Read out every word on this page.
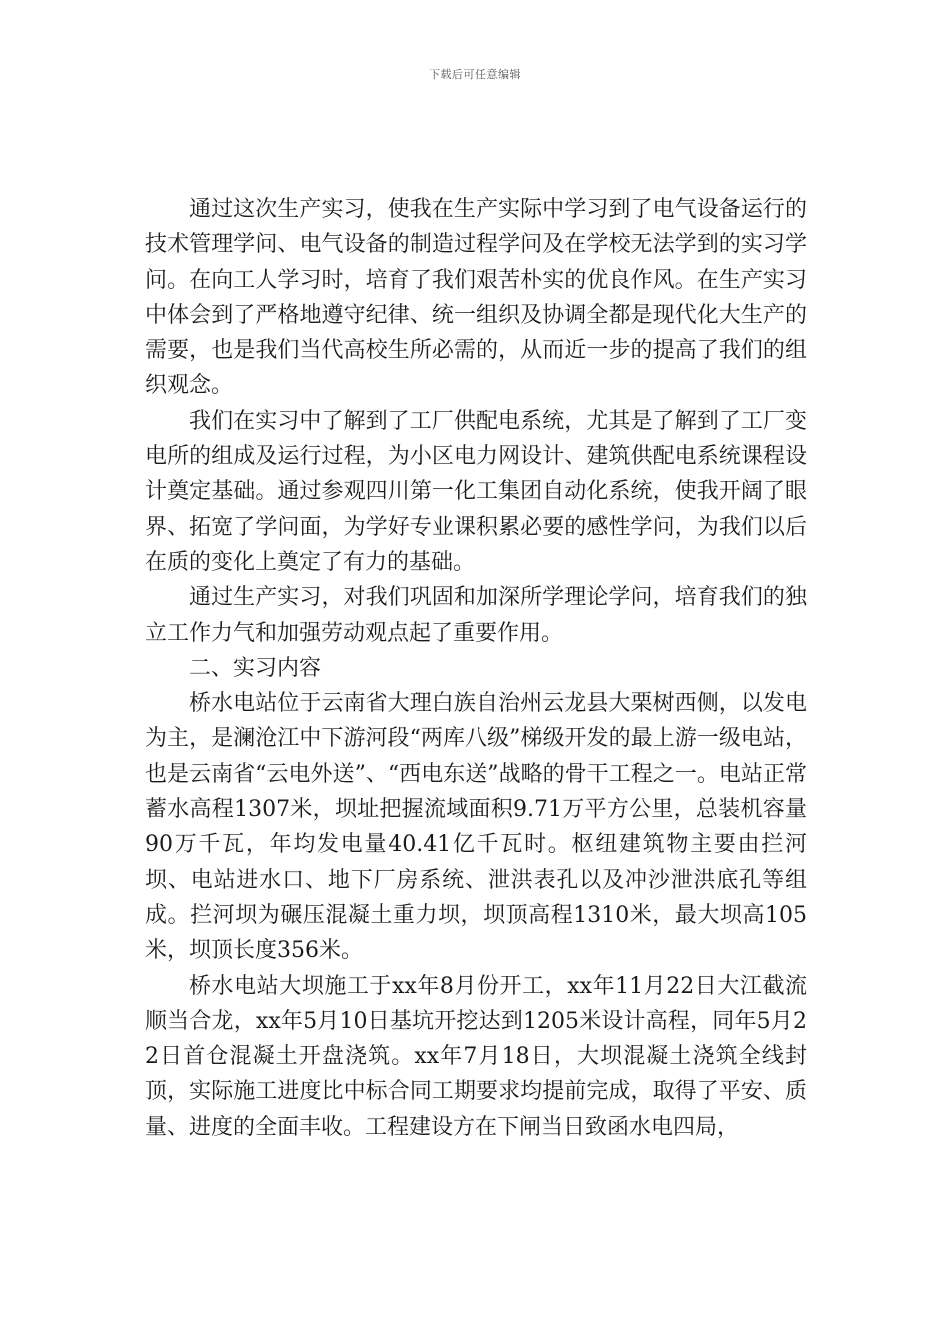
下载后可任意编辑

通过这次生产实习，使我在生产实际中学习到了电气设备运行的技术管理学问、电气设备的制造过程学问及在学校无法学到的实习学问。在向工人学习时，培育了我们艰苦朴实的优良作风。在生产实习中体会到了严格地遵守纪律、统一组织及协调全都是现代化大生产的需要，也是我们当代高校生所必需的，从而近一步的提高了我们的组织观念。

我们在实习中了解到了工厂供配电系统，尤其是了解到了工厂变电所的组成及运行过程，为小区电力网设计、建筑供配电系统课程设计奠定基础。通过参观四川第一化工集团自动化系统，使我开阔了眼界、拓宽了学问面，为学好专业课积累必要的感性学问，为我们以后在质的变化上奠定了有力的基础。

通过生产实习，对我们巩固和加深所学理论学问，培育我们的独立工作力气和加强劳动观点起了重要作用。

二、实习内容

桥水电站位于云南省大理白族自治州云龙县大栗树西侧，以发电为主，是澜沧江中下游河段“两库八级”梯级开发的最上游一级电站，也是云南省“云电外送”、“西电东送”战略的骨干工程之一。电站正常蓄水高程1307米，坝址把握流域面积9.71万平方公里，总装机容量90万千瓦，年均发电量40.41亿千瓦时。枢纽建筑物主要由拦河坝、电站进水口、地下厂房系统、泄洪表孔以及冲沙泄洪底孔等组成。拦河坝为碾压混凝土重力坝，坝顶高程1310米，最大坝高105米，坝顶长度356米。

桥水电站大坝施工于xx年8月份开工，xx年11月22日大江截流顺当合龙，xx年5月10日基坑开挖达到1205米设计高程，同年5月22日首仓混凝土开盘浇筑。xx年7月18日，大坝混凝土浇筑全线封顶，实际施工进度比中标合同工期要求均提前完成，取得了平安、质量、进度的全面丰收。工程建设方在下闸当日致函水电四局，
